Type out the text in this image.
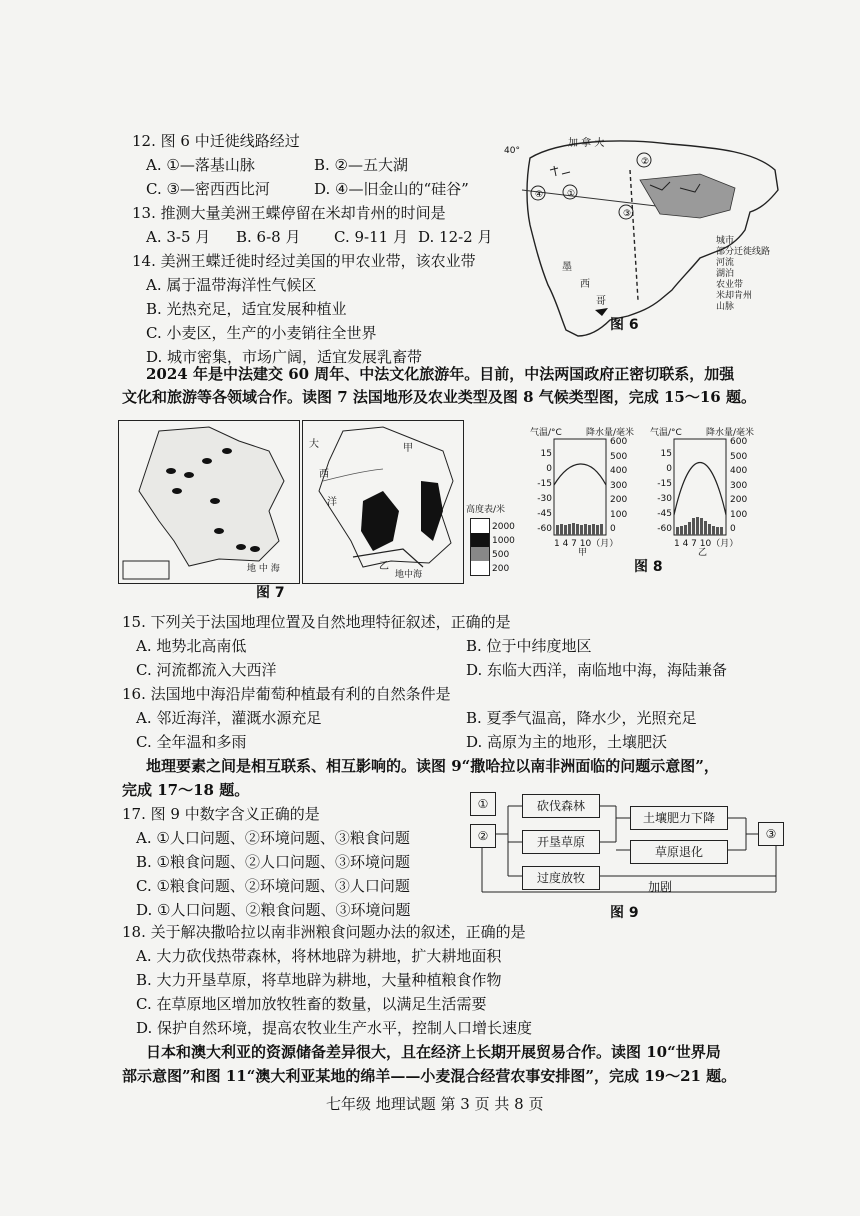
12. 图 6 中迁徙线路经过
A. ①—落基山脉	B. ②—五大湖
C. ③—密西西比河	D. ④—旧金山的“硅谷”
13. 推测大量美洲王蝶停留在米却肯州的时间是
A. 3-5 月 B. 6-8 月 C. 9-11 月 D. 12-2 月
14. 美洲王蝶迁徙时经过美国的甲农业带，该农业带
A. 属于温带海洋性气候区
B. 光热充足，适宜发展种植业
C. 小麦区，生产的小麦销往全世界
D. 城市密集，市场广阔，适宜发展乳畜带
④
②
③
①
40°
加 拿 大
墨
西
哥
城市
部分迁徙线路
河流
湖泊
农业带
米却肯州
山脉
图 6
2024 年是中法建交 60 周年、中法文化旅游年。目前，中法两国政府正密切联系，加强
文化和旅游等各领域合作。读图 7 法国地形及农业类型及图 8 气候类型图，完成 15～16 题。
地 中 海
大
西
洋
甲
乙
地中海
高度表/米
2000
1000
500
200
图 7
气温/°C	降水量/毫米
15
0
-15
-30
-45
-60
600
500
400
300
200
100
0
1 4 7 10（月）
甲
气温/°C	降水量/毫米
15
0
-15
-30
-45
-60
600
500
400
300
200
100
0
1 4 7 10（月）
乙
图 8
15. 下列关于法国地理位置及自然地理特征叙述，正确的是
A. 地势北高南低	B. 位于中纬度地区
C. 河流都流入大西洋	D. 东临大西洋，南临地中海，海陆兼备
16. 法国地中海沿岸葡萄种植最有利的自然条件是
A. 邻近海洋，灌溉水源充足	B. 夏季气温高，降水少，光照充足
C. 全年温和多雨	D. 高原为主的地形，土壤肥沃
地理要素之间是相互联系、相互影响的。读图 9“撒哈拉以南非洲面临的问题示意图”，
完成 17～18 题。
17. 图 9 中数字含义正确的是
A. ①人口问题、②环境问题、③粮食问题
B. ①粮食问题、②人口问题、③环境问题
C. ①粮食问题、②环境问题、③人口问题
D. ①人口问题、②粮食问题、③环境问题
①
②
砍伐森林
开垦草原
过度放牧
土壤肥力下降
草原退化
③
加剧
图 9
18. 关于解决撒哈拉以南非洲粮食问题办法的叙述，正确的是
A. 大力砍伐热带森林，将林地辟为耕地，扩大耕地面积
B. 大力开垦草原，将草地辟为耕地，大量种植粮食作物
C. 在草原地区增加放牧牲畜的数量，以满足生活需要
D. 保护自然环境，提高农牧业生产水平，控制人口增长速度
日本和澳大利亚的资源储备差异很大，且在经济上长期开展贸易合作。读图 10“世界局
部示意图”和图 11“澳大利亚某地的绵羊——小麦混合经营农事安排图”，完成 19～21 题。
七年级 地理试题 第 3 页 共 8 页
